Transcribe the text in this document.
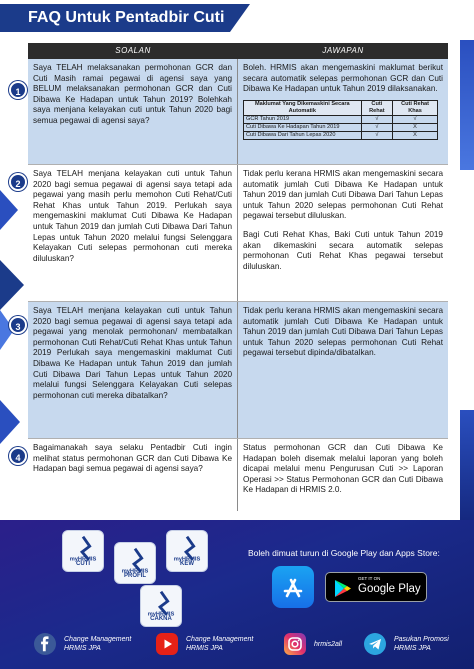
FAQ Untuk Pentadbir Cuti
SOALAN	JAWAPAN
1
Saya TELAH melaksanakan permohonan GCR dan Cuti Masih ramai pegawai di agensi saya yang BELUM melaksanakan permohonan GCR dan Cuti Dibawa Ke Hadapan untuk Tahun 2019? Bolehkah saya menjana kelayakan cuti untuk Tahun 2020 bagi semua pegawai di agensi saya?

Boleh. HRMIS akan mengemaskini maklumat berikut secara automatik selepas permohonan GCR dan Cuti Dibawa Ke Hadapan untuk Tahun 2019 dilaksanakan.

Maklumat Yang Dikemaskini Secara Automatik	Cuti Rehat	Cuti Rehat Khas
GCR Tahun 2019	√	√
Cuti Dibawa Ke Hadapan Tahun 2019	√	X
Cuti Dibawa Dari Tahun Lepas 2020	√	X
2
Saya TELAH menjana kelayakan cuti untuk Tahun 2020 bagi semua pegawai di agensi saya tetapi ada pegawai yang masih perlu memohon Cuti Rehat/Cuti Rehat Khas untuk Tahun 2019. Perlukah saya mengemaskini maklumat Cuti Dibawa Ke Hadapan untuk Tahun 2019 dan jumlah Cuti Dibawa Dari Tahun Lepas untuk Tahun 2020 melalui fungsi Selenggara Kelayakan Cuti selepas permohonan cuti mereka diluluskan?

Tidak perlu kerana HRMIS akan mengemaskini secara automatik jumlah Cuti Dibawa Ke Hadapan untuk Tahun 2019 dan jumlah Cuti Dibawa Dari Tahun Lepas untuk Tahun 2020 selepas permohonan Cuti Rehat pegawai tersebut diluluskan.

Bagi Cuti Rehat Khas, Baki Cuti untuk Tahun 2019 akan dikemaskini secara automatik selepas permohonan Cuti Rehat Khas pegawai tersebut diluluskan.

3
Saya TELAH menjana kelayakan cuti untuk Tahun 2020 bagi semua pegawai di agensi saya tetapi ada pegawai yang menolak permohonan/ membatalkan permohonan Cuti Rehat/Cuti Rehat Khas untuk Tahun 2019 Perlukah saya mengemaskini maklumat Cuti Dibawa Ke Hadapan untuk Tahun 2019 dan jumlah Cuti Dibawa Dari Tahun Lepas untuk Tahun 2020 melalui fungsi Selenggara Kelayakan Cuti selepas permohonan cuti mereka dibatalkan?

Tidak perlu kerana HRMIS akan mengemaskini secara automatik jumlah Cuti Dibawa Ke Hadapan untuk Tahun 2019 dan jumlah Cuti Dibawa Dari Tahun Lepas untuk Tahun 2020 selepas permohonan Cuti Rehat pegawai tersebut dipinda/dibatalkan.

4
Bagaimanakah saya selaku Pentadbir Cuti ingin melihat status permohonan GCR dan Cuti Dibawa Ke Hadapan bagi semua pegawai di agensi saya?

Status permohonan GCR dan Cuti Dibawa Ke Hadapan boleh disemak melalui laporan yang boleh dicapai melalui menu Pengurusan Cuti >> Laporan Operasi >> Status Permohonan GCR dan Cuti Dibawa Ke Hadapan di HRMIS 2.0.

myHRMIS
CUTI
myHRMIS
PROFIL
myHRMIS
KEW
myHRMIS
CAKNA
Boleh dimuat turun di Google Play dan Apps Store:
GET IT ON
Google Play
Change Management
HRMIS JPA
Change Management
HRMIS JPA
hrmis2all
Pasukan Promosi
HRMIS JPA
